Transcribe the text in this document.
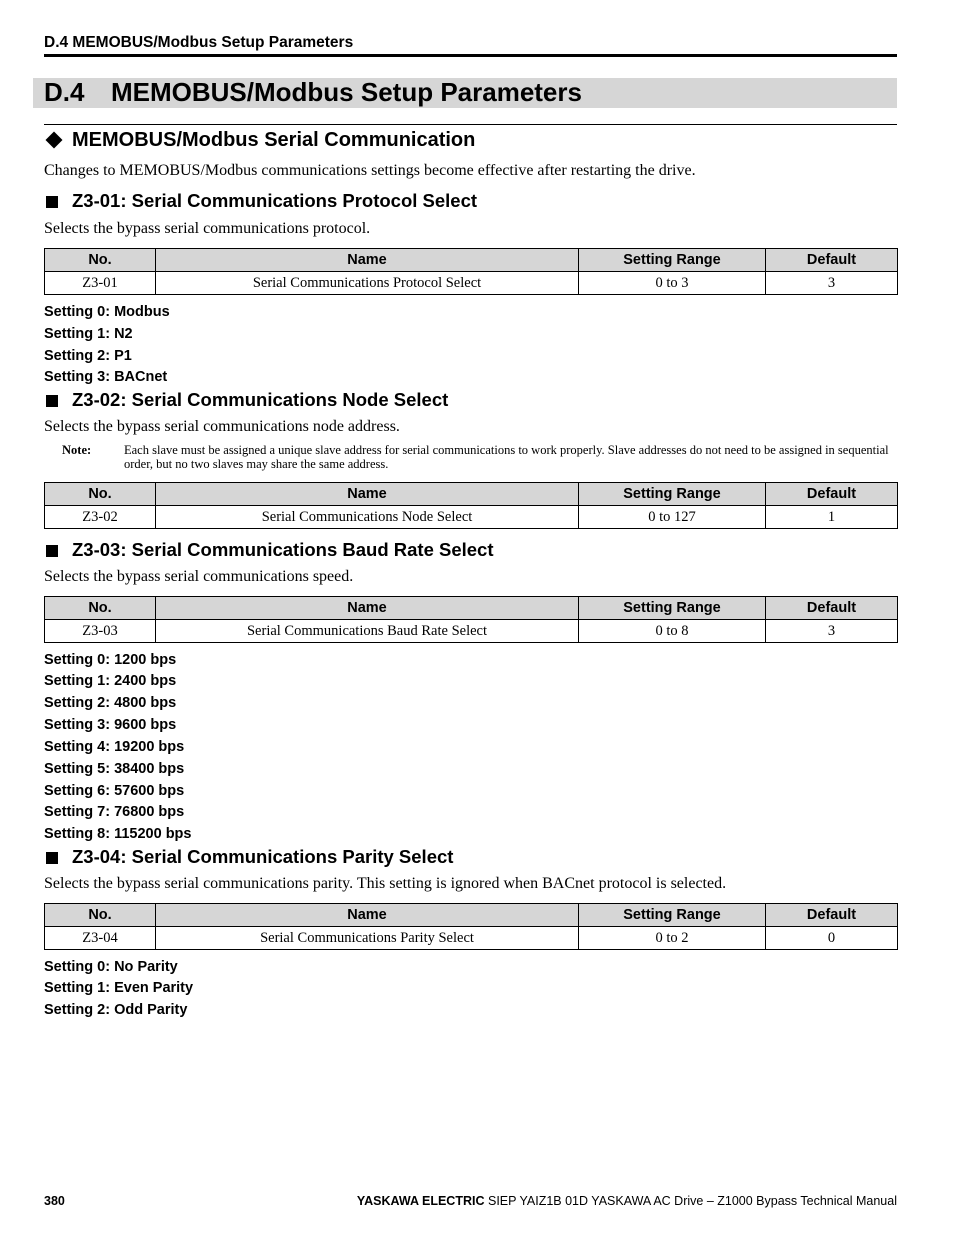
D.4 MEMOBUS/Modbus Setup Parameters
D.4 MEMOBUS/Modbus Setup Parameters
MEMOBUS/Modbus Serial Communication
Changes to MEMOBUS/Modbus communications settings become effective after restarting the drive.
Z3-01: Serial Communications Protocol Select
Selects the bypass serial communications protocol.
No.	Name	Setting Range	Default
Z3-01	Serial Communications Protocol Select	0 to 3	3
Setting 0: Modbus
Setting 1: N2
Setting 2: P1
Setting 3: BACnet
Z3-02: Serial Communications Node Select
Selects the bypass serial communications node address.
Note:	Each slave must be assigned a unique slave address for serial communications to work properly. Slave addresses do not need to be assigned in sequential order, but no two slaves may share the same address.
No.	Name	Setting Range	Default
Z3-02	Serial Communications Node Select	0 to 127	1
Z3-03: Serial Communications Baud Rate Select
Selects the bypass serial communications speed.
No.	Name	Setting Range	Default
Z3-03	Serial Communications Baud Rate Select	0 to 8	3
Setting 0: 1200 bps
Setting 1: 2400 bps
Setting 2: 4800 bps
Setting 3: 9600 bps
Setting 4: 19200 bps
Setting 5: 38400 bps
Setting 6: 57600 bps
Setting 7: 76800 bps
Setting 8: 115200 bps
Z3-04: Serial Communications Parity Select
Selects the bypass serial communications parity. This setting is ignored when BACnet protocol is selected.
No.	Name	Setting Range	Default
Z3-04	Serial Communications Parity Select	0 to 2	0
Setting 0: No Parity
Setting 1: Even Parity
Setting 2: Odd Parity
380	YASKAWA ELECTRIC SIEP YAIZ1B 01D YASKAWA AC Drive – Z1000 Bypass Technical Manual
